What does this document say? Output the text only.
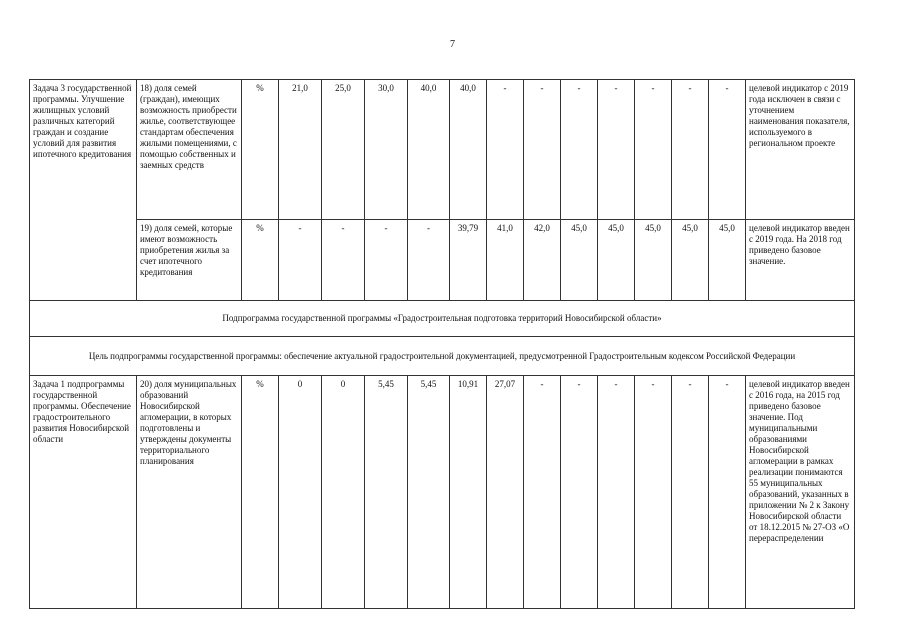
7
Задача 3 государственной программы. Улучшение жилищных условий различных категорий граждан и создание условий для развития ипотечного кредитования	18) доля семей (граждан), имеющих возможность приобрести жилье, соответствующее стандартам обеспечения жилыми помещениями, с помощью собственных и заемных средств	%	21,0	25,0	30,0	40,0	40,0	-	-	-	-	-	-	-	целевой индикатор с 2019 года исключен в связи с уточнением наименования показателя, используемого в региональном проекте
	19) доля семей, которые имеют возможность приобретения жилья за счет ипотечного кредитования	%	-	-	-	-	39,79	41,0	42,0	45,0	45,0	45,0	45,0	45,0	целевой индикатор введен с 2019 года. На 2018 год приведено базовое значение.
Подпрограмма государственной программы «Градостроительная подготовка территорий Новосибирской области»															
Цель подпрограммы государственной программы: обеспечение актуальной градостроительной документацией, предусмотренной Градостроительным кодексом Российской Федерации															
Задача 1 подпрограммы государственной программы. Обеспечение градостроительного развития Новосибирской области	20) доля муниципальных образований Новосибирской агломерации, в которых подготовлены и утверждены документы территориального планирования	%	0	0	5,45	5,45	10,91	27,07	-	-	-	-	-	-	целевой индикатор введен с 2016 года, на 2015 год приведено базовое значение. Под муниципальными образованиями Новосибирской агломерации в рамках реализации понимаются 55 муниципальных образований, указанных в приложении № 2 к Закону Новосибирской области от 18.12.2015 № 27-ОЗ «О перераспределении
